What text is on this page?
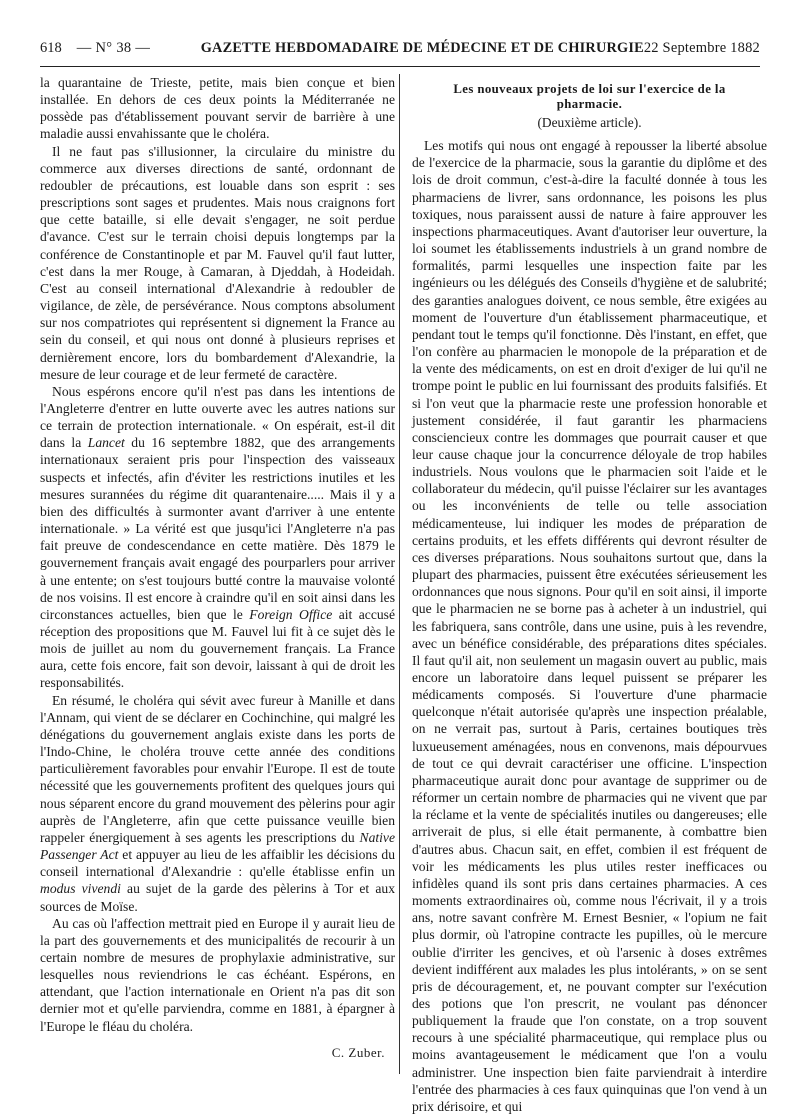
618	— N° 38 —	GAZETTE HEBDOMADAIRE DE MÉDECINE ET DE CHIRURGIE 22 Septembre 1882

la quarantaine de Trieste, petite, mais bien conçue et bien installée. En dehors de ces deux points la Méditerranée ne possède pas d'établissement pouvant servir de barrière à une maladie aussi envahissante que le choléra.

Il ne faut pas s'illusionner, la circulaire du ministre du commerce aux diverses directions de santé, ordonnant de redoubler de précautions, est louable dans son esprit : ses prescriptions sont sages et prudentes. Mais nous craignons fort que cette bataille, si elle devait s'engager, ne soit perdue d'avance. C'est sur le terrain choisi depuis longtemps par la conférence de Constantinople et par M. Fauvel qu'il faut lutter, c'est dans la mer Rouge, à Camaran, à Djeddah, à Hodeidah. C'est au conseil international d'Alexandrie à redoubler de vigilance, de zèle, de persévérance. Nous comptons absolument sur nos compatriotes qui représentent si dignement la France au sein du conseil, et qui nous ont donné à plusieurs reprises et dernièrement encore, lors du bombardement d'Alexandrie, la mesure de leur courage et de leur fermeté de caractère.

Nous espérons encore qu'il n'est pas dans les intentions de l'Angleterre d'entrer en lutte ouverte avec les autres nations sur ce terrain de protection internationale. « On espérait, est-il dit dans la Lancet du 16 septembre 1882, que des arrangements internationaux seraient pris pour l'inspection des vaisseaux suspects et infectés, afin d'éviter les restrictions inutiles et les mesures surannées du régime dit quarantenaire..... Mais il y a bien des difficultés à surmonter avant d'arriver à une entente internationale. » La vérité est que jusqu'ici l'Angleterre n'a pas fait preuve de condescendance en cette matière. Dès 1879 le gouvernement français avait engagé des pourparlers pour arriver à une entente; on s'est toujours butté contre la mauvaise volonté de nos voisins. Il est encore à craindre qu'il en soit ainsi dans les circonstances actuelles, bien que le Foreign Office ait accusé réception des propositions que M. Fauvel lui fit à ce sujet dès le mois de juillet au nom du gouvernement français. La France aura, cette fois encore, fait son devoir, laissant à qui de droit les responsabilités.

En résumé, le choléra qui sévit avec fureur à Manille et dans l'Annam, qui vient de se déclarer en Cochinchine, qui malgré les dénégations du gouvernement anglais existe dans les ports de l'Indo-Chine, le choléra trouve cette année des conditions particulièrement favorables pour envahir l'Europe. Il est de toute nécessité que les gouvernements profitent des quelques jours qui nous séparent encore du grand mouvement des pèlerins pour agir auprès de l'Angleterre, afin que cette puissance veuille bien rappeler énergiquement à ses agents les prescriptions du Native Passenger Act et appuyer au lieu de les affaiblir les décisions du conseil international d'Alexandrie : qu'elle établisse enfin un modus vivendi au sujet de la garde des pèlerins à Tor et aux sources de Moïse.

Au cas où l'affection mettrait pied en Europe il y aurait lieu de la part des gouvernements et des municipalités de recourir à un certain nombre de mesures de prophylaxie administrative, sur lesquelles nous reviendrions le cas échéant. Espérons, en attendant, que l'action internationale en Orient n'a pas dit son dernier mot et qu'elle parviendra, comme en 1881, à épargner à l'Europe le fléau du choléra.

C. Zuber.
Les nouveaux projets de loi sur l'exercice de la pharmacie.
(Deuxième article).

Les motifs qui nous ont engagé à repousser la liberté absolue de l'exercice de la pharmacie, sous la garantie du diplôme et des lois de droit commun, c'est-à-dire la faculté donnée à tous les pharmaciens de livrer, sans ordonnance, les poisons les plus toxiques, nous paraissent aussi de nature à faire approuver les inspections pharmaceutiques. Avant d'autoriser leur ouverture, la loi soumet les établissements industriels à un grand nombre de formalités, parmi lesquelles une inspection faite par les ingénieurs ou les délégués des Conseils d'hygiène et de salubrité; des garanties analogues doivent, ce nous semble, être exigées au moment de l'ouverture d'un établissement pharmaceutique, et pendant tout le temps qu'il fonctionne. Dès l'instant, en effet, que l'on confère au pharmacien le monopole de la préparation et de la vente des médicaments, on est en droit d'exiger de lui qu'il ne trompe point le public en lui fournissant des produits falsifiés. Et si l'on veut que la pharmacie reste une profession honorable et justement considérée, il faut garantir les pharmaciens consciencieux contre les dommages que pourrait causer et que leur cause chaque jour la concurrence déloyale de trop habiles industriels. Nous voulons que le pharmacien soit l'aide et le collaborateur du médecin, qu'il puisse l'éclairer sur les avantages ou les inconvénients de telle ou telle association médicamenteuse, lui indiquer les modes de préparation de certains produits, et les effets différents qui devront résulter de ces diverses préparations. Nous souhaitons surtout que, dans la plupart des pharmacies, puissent être exécutées sérieusement les ordonnances que nous signons. Pour qu'il en soit ainsi, il importe que le pharmacien ne se borne pas à acheter à un industriel, qui les fabriquera, sans contrôle, dans une usine, puis à les revendre, avec un bénéfice considérable, des préparations dites spéciales. Il faut qu'il ait, non seulement un magasin ouvert au public, mais encore un laboratoire dans lequel puissent se préparer les médicaments composés. Si l'ouverture d'une pharmacie quelconque n'était autorisée qu'après une inspection préalable, on ne verrait pas, surtout à Paris, certaines boutiques très luxueusement aménagées, nous en convenons, mais dépourvues de tout ce qui devrait caractériser une officine. L'inspection pharmaceutique aurait donc pour avantage de supprimer ou de réformer un certain nombre de pharmacies qui ne vivent que par la réclame et la vente de spécialités inutiles ou dangereuses; elle arriverait de plus, si elle était permanente, à combattre bien d'autres abus. Chacun sait, en effet, combien il est fréquent de voir les médicaments les plus utiles rester inefficaces ou infidèles quand ils sont pris dans certaines pharmacies. A ces moments extraordinaires où, comme nous l'écrivait, il y a trois ans, notre savant confrère M. Ernest Besnier, « l'opium ne fait plus dormir, où l'atropine contracte les pupilles, où le mercure oublie d'irriter les gencives, et où l'arsenic à doses extrêmes devient indifférent aux malades les plus intolérants, » on se sent pris de découragement, et, ne pouvant compter sur l'exécution des potions que l'on prescrit, ne voulant pas dénoncer publiquement la fraude que l'on constate, on a trop souvent recours à une spécialité pharmaceutique, qui remplace plus ou moins avantageusement le médicament que l'on a voulu administrer. Une inspection bien faite parviendrait à interdire l'entrée des pharmacies à ces faux quinquinas que l'on vend à un prix dérisoire, et qui
